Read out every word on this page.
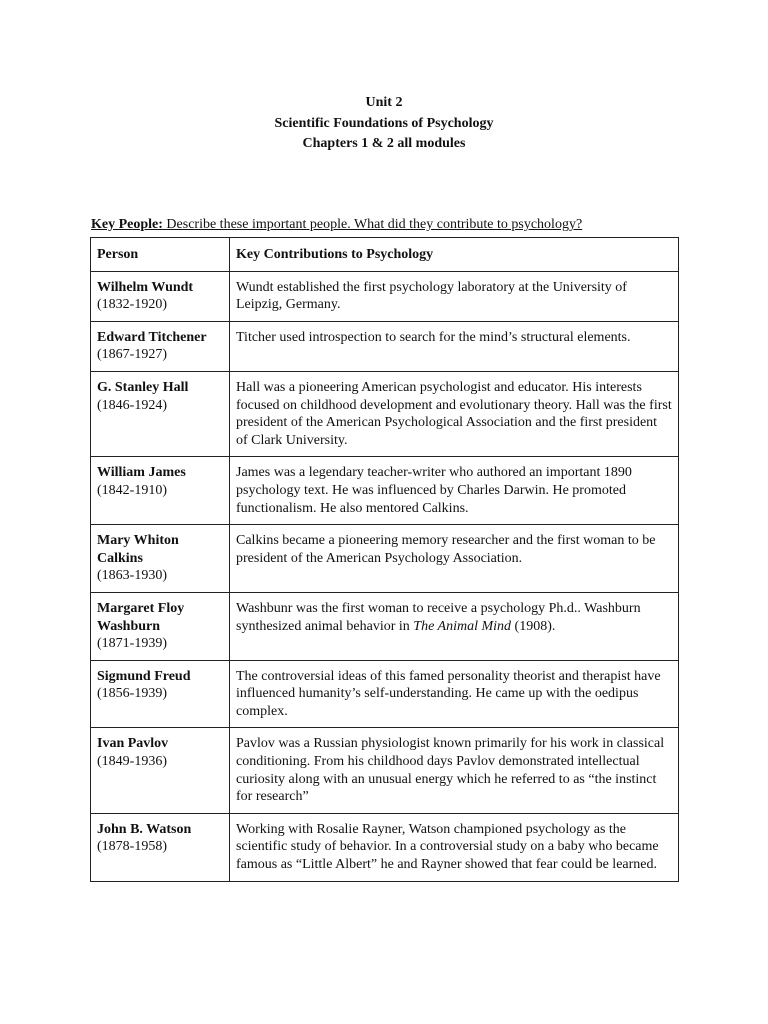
Unit 2
Scientific Foundations of Psychology
Chapters 1 & 2 all modules
Key People: Describe these important people. What did they contribute to psychology?
Person	Key Contributions to Psychology

Wilhelm Wundt
(1832-1920)	Wundt established the first psychology laboratory at the University of Leipzig, Germany.

Edward Titchener
(1867-1927)	Titcher used introspection to search for the mind’s structural elements.

G. Stanley Hall
(1846-1924)	Hall was a pioneering American psychologist and educator. His interests focused on childhood development and evolutionary theory. Hall was the first president of the American Psychological Association and the first president of Clark University.

William James
(1842-1910)	James was a legendary teacher-writer who authored an important 1890 psychology text. He was influenced by Charles Darwin. He promoted functionalism. He also mentored Calkins.

Mary Whiton Calkins
(1863-1930)	Calkins became a pioneering memory researcher and the first woman to be president of the American Psychology Association.

Margaret Floy Washburn
(1871-1939)	Washbunr was the first woman to receive a psychology Ph.d.. Washburn synthesized animal behavior in The Animal Mind (1908).

Sigmund Freud
(1856-1939)	The controversial ideas of this famed personality theorist and therapist have influenced humanity’s self-understanding. He came up with the oedipus complex.

Ivan Pavlov
(1849-1936)	Pavlov was a Russian physiologist known primarily for his work in classical conditioning. From his childhood days Pavlov demonstrated intellectual curiosity along with an unusual energy which he referred to as “the instinct for research”

John B. Watson
(1878-1958)	Working with Rosalie Rayner, Watson championed psychology as the scientific study of behavior. In a controversial study on a baby who became famous as “Little Albert” he and Rayner showed that fear could be learned.
